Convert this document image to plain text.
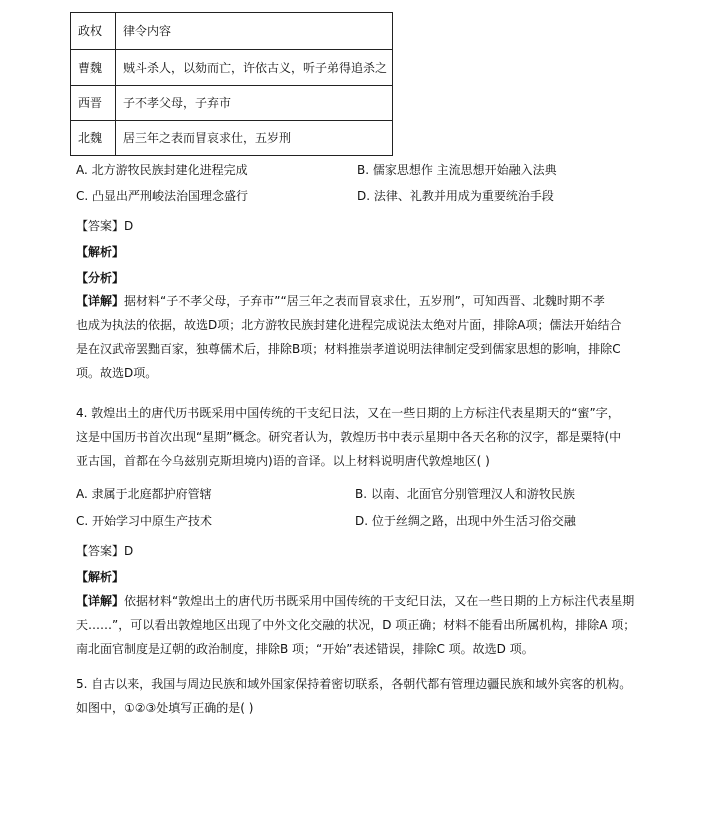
政权	律令内容
曹魏	贼斗杀人，以劾而亡，许依古义，听子弟得追杀之
西晋	子不孝父母，子弃市
北魏	居三年之表而冒哀求仕，五岁刑
A. 北方游牧民族封建化进程完成	B. 儒家思想作 主流思想开始融入法典
C. 凸显出严刑峻法治国理念盛行	D. 法律、礼教并用成为重要统治手段
【答案】D
【解析】
【分析】
【详解】据材料“子不孝父母，子弃市”“居三年之表而冒哀求仕，五岁刑”，可知西晋、北魏时期不孝
也成为执法的依据，故选D项；北方游牧民族封建化进程完成说法太绝对片面，排除A项；儒法开始结合
是在汉武帝罢黜百家，独尊儒术后，排除B项；材料推崇孝道说明法律制定受到儒家思想的影响，排除C
项。故选D项。
4. 敦煌出土的唐代历书既采用中国传统的干支纪日法，又在一些日期的上方标注代表星期天的“蜜”字，
这是中国历书首次出现“星期”概念。研究者认为，敦煌历书中表示星期中各天名称的汉字，都是粟特(中
亚古国，首都在今乌兹别克斯坦境内)语的音译。以上材料说明唐代敦煌地区( )
A. 隶属于北庭都护府管辖	B. 以南、北面官分别管理汉人和游牧民族
C. 开始学习中原生产技术	D. 位于丝绸之路，出现中外生活习俗交融
【答案】D
【解析】
【详解】依据材料“敦煌出土的唐代历书既采用中国传统的干支纪日法，又在一些日期的上方标注代表星期
天……”，可以看出敦煌地区出现了中外文化交融的状况，D 项正确；材料不能看出所属机构，排除A 项；
南北面官制度是辽朝的政治制度，排除B 项；“开始”表述错误，排除C 项。故选D 项。
5. 自古以来，我国与周边民族和域外国家保持着密切联系，各朝代都有管理边疆民族和域外宾客的机构。
如图中，①②③处填写正确的是( )
